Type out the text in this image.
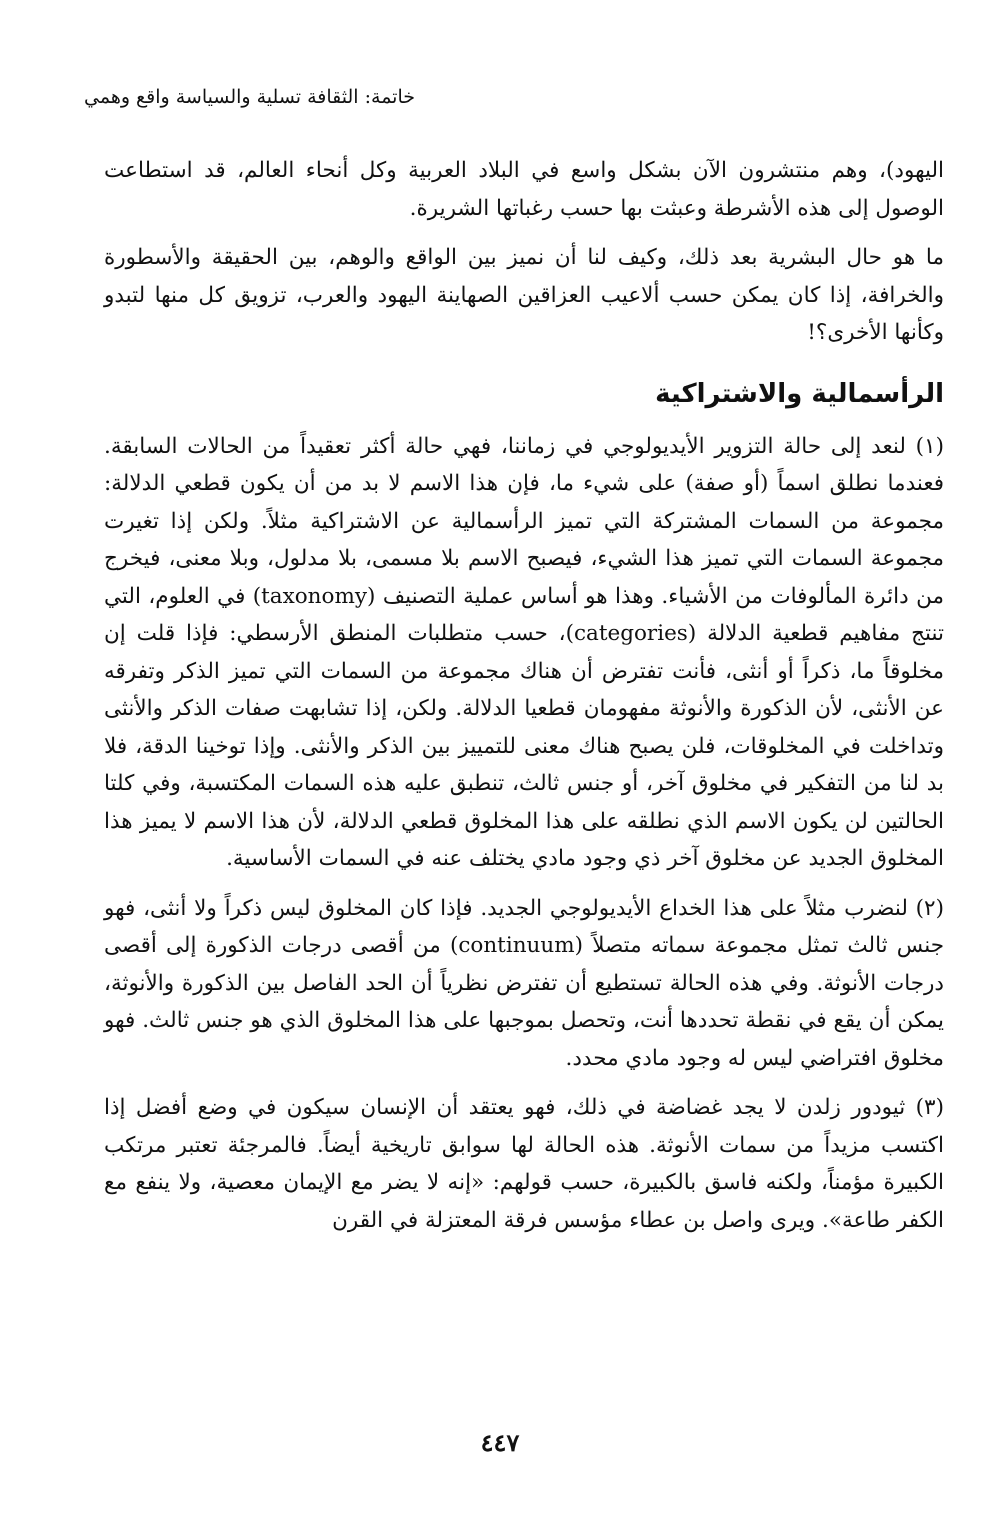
خاتمة: الثقافة تسلية والسياسة واقع وهمي

اليهود)، وهم منتشرون الآن بشكل واسع في البلاد العربية وكل أنحاء العالم، قد استطاعت الوصول إلى هذه الأشرطة وعبثت بها حسب رغباتها الشريرة.

ما هو حال البشرية بعد ذلك، وكيف لنا أن نميز بين الواقع والوهم، بين الحقيقة والأسطورة والخرافة، إذا كان يمكن حسب ألاعيب العزاقين الصهاينة اليهود والعرب، تزويق كل منها لتبدو وكأنها الأخرى؟!

الرأسمالية والاشتراكية

(١) لنعد إلى حالة التزوير الأيديولوجي في زماننا، فهي حالة أكثر تعقيداً من الحالات السابقة. فعندما نطلق اسماً (أو صفة) على شيء ما، فإن هذا الاسم لا بد من أن يكون قطعي الدلالة: مجموعة من السمات المشتركة التي تميز الرأسمالية عن الاشتراكية مثلاً. ولكن إذا تغيرت مجموعة السمات التي تميز هذا الشيء، فيصبح الاسم بلا مسمى، بلا مدلول، وبلا معنى، فيخرج من دائرة المألوفات من الأشياء. وهذا هو أساس عملية التصنيف (taxonomy) في العلوم، التي تنتج مفاهيم قطعية الدلالة (categories)، حسب متطلبات المنطق الأرسطي: فإذا قلت إن مخلوقاً ما، ذكراً أو أنثى، فأنت تفترض أن هناك مجموعة من السمات التي تميز الذكر وتفرقه عن الأنثى، لأن الذكورة والأنوثة مفهومان قطعيا الدلالة. ولكن، إذا تشابهت صفات الذكر والأنثى وتداخلت في المخلوقات، فلن يصبح هناك معنى للتمييز بين الذكر والأنثى. وإذا توخينا الدقة، فلا بد لنا من التفكير في مخلوق آخر، أو جنس ثالث، تنطبق عليه هذه السمات المكتسبة، وفي كلتا الحالتين لن يكون الاسم الذي نطلقه على هذا المخلوق قطعي الدلالة، لأن هذا الاسم لا يميز هذا المخلوق الجديد عن مخلوق آخر ذي وجود مادي يختلف عنه في السمات الأساسية.

(٢) لنضرب مثلاً على هذا الخداع الأيديولوجي الجديد. فإذا كان المخلوق ليس ذكراً ولا أنثى، فهو جنس ثالث تمثل مجموعة سماته متصلاً (continuum) من أقصى درجات الذكورة إلى أقصى درجات الأنوثة. وفي هذه الحالة تستطيع أن تفترض نظرياً أن الحد الفاصل بين الذكورة والأنوثة، يمكن أن يقع في نقطة تحددها أنت، وتحصل بموجبها على هذا المخلوق الذي هو جنس ثالث. فهو مخلوق افتراضي ليس له وجود مادي محدد.

(٣) ثيودور زلدن لا يجد غضاضة في ذلك، فهو يعتقد أن الإنسان سيكون في وضع أفضل إذا اكتسب مزيداً من سمات الأنوثة. هذه الحالة لها سوابق تاريخية أيضاً. فالمرجئة تعتبر مرتكب الكبيرة مؤمناً، ولكنه فاسق بالكبيرة، حسب قولهم: «إنه لا يضر مع الإيمان معصية، ولا ينفع مع الكفر طاعة». ويرى واصل بن عطاء مؤسس فرقة المعتزلة في القرن

٤٤٧
